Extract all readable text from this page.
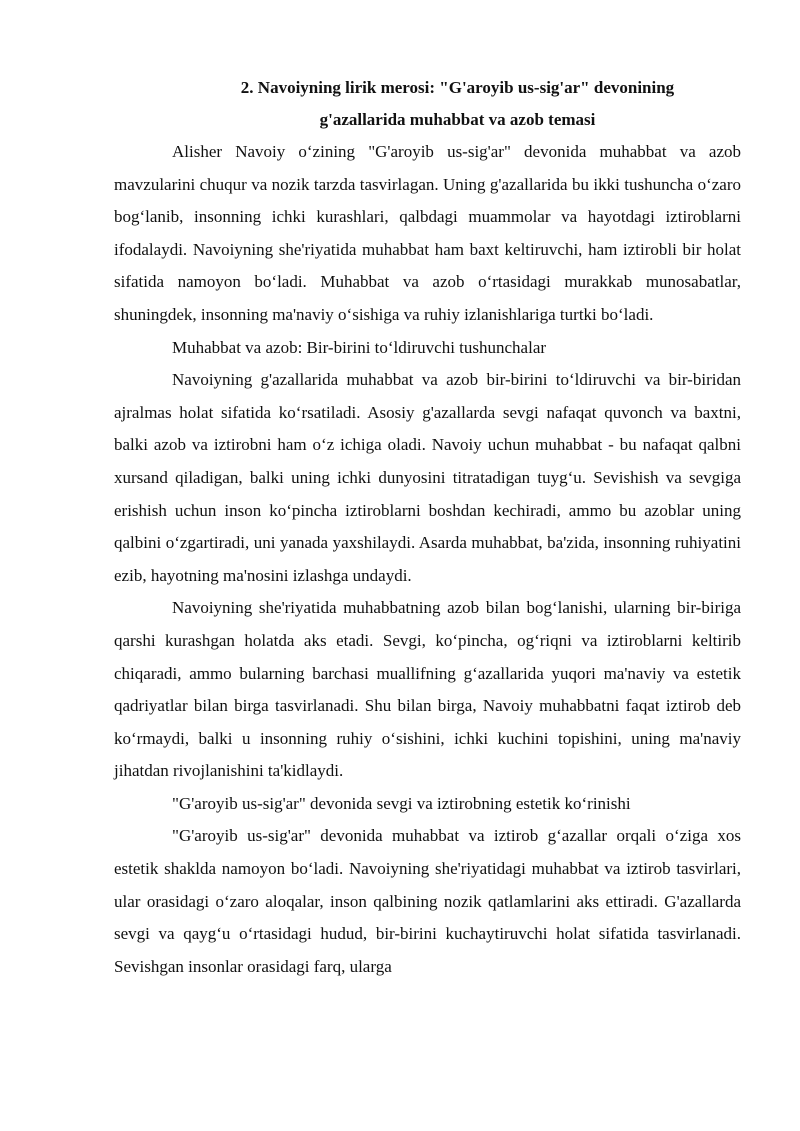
2. Navoiyning lirik merosi: "G'aroyib us-sig'ar" devonining
g'azallarida muhabbat va azob temasi

Alisher Navoiy o‘zining "G'aroyib us-sig'ar" devonida muhabbat va azob mavzularini chuqur va nozik tarzda tasvirlagan. Uning g'azallarida bu ikki tushuncha o‘zaro bog‘lanib, insonning ichki kurashlari, qalbdagi muammolar va hayotdagi iztiroblarni ifodalaydi. Navoiyning she'riyatida muhabbat ham baxt keltiruvchi, ham iztirobli bir holat sifatida namoyon bo‘ladi. Muhabbat va azob o‘rtasidagi murakkab munosabatlar, shuningdek, insonning ma'naviy o‘sishiga va ruhiy izlanishlariga turtki bo‘ladi.

Muhabbat va azob: Bir-birini to‘ldiruvchi tushunchalar

Navoiyning g'azallarida muhabbat va azob bir-birini to‘ldiruvchi va bir-biridan ajralmas holat sifatida ko‘rsatiladi. Asosiy g'azallarda sevgi nafaqat quvonch va baxtni, balki azob va iztirobni ham o‘z ichiga oladi. Navoiy uchun muhabbat - bu nafaqat qalbni xursand qiladigan, balki uning ichki dunyosini titratadigan tuyg‘u. Sevishish va sevgiga erishish uchun inson ko‘pincha iztiroblarni boshdan kechiradi, ammo bu azoblar uning qalbini o‘zgartiradi, uni yanada yaxshilaydi. Asarda muhabbat, ba'zida, insonning ruhiyatini ezib, hayotning ma'nosini izlashga undaydi.

Navoiyning she'riyatida muhabbatning azob bilan bog‘lanishi, ularning bir-biriga qarshi kurashgan holatda aks etadi. Sevgi, ko‘pincha, og‘riqni va iztiroblarni keltirib chiqaradi, ammo bularning barchasi muallifning g‘azallarida yuqori ma'naviy va estetik qadriyatlar bilan birga tasvirlanadi. Shu bilan birga, Navoiy muhabbatni faqat iztirob deb ko‘rmaydi, balki u insonning ruhiy o‘sishini, ichki kuchini topishini, uning ma'naviy jihatdan rivojlanishini ta'kidlaydi.

"G'aroyib us-sig'ar" devonida sevgi va iztirobning estetik ko‘rinishi

"G'aroyib us-sig'ar" devonida muhabbat va iztirob g‘azallar orqali o‘ziga xos estetik shaklda namoyon bo‘ladi. Navoiyning she'riyatidagi muhabbat va iztirob tasvirlari, ular orasidagi o‘zaro aloqalar, inson qalbining nozik qatlamlarini aks ettiradi. G'azallarda sevgi va qayg‘u o‘rtasidagi hudud, bir-birini kuchaytiruvchi holat sifatida tasvirlanadi. Sevishgan insonlar orasidagi farq, ularga
